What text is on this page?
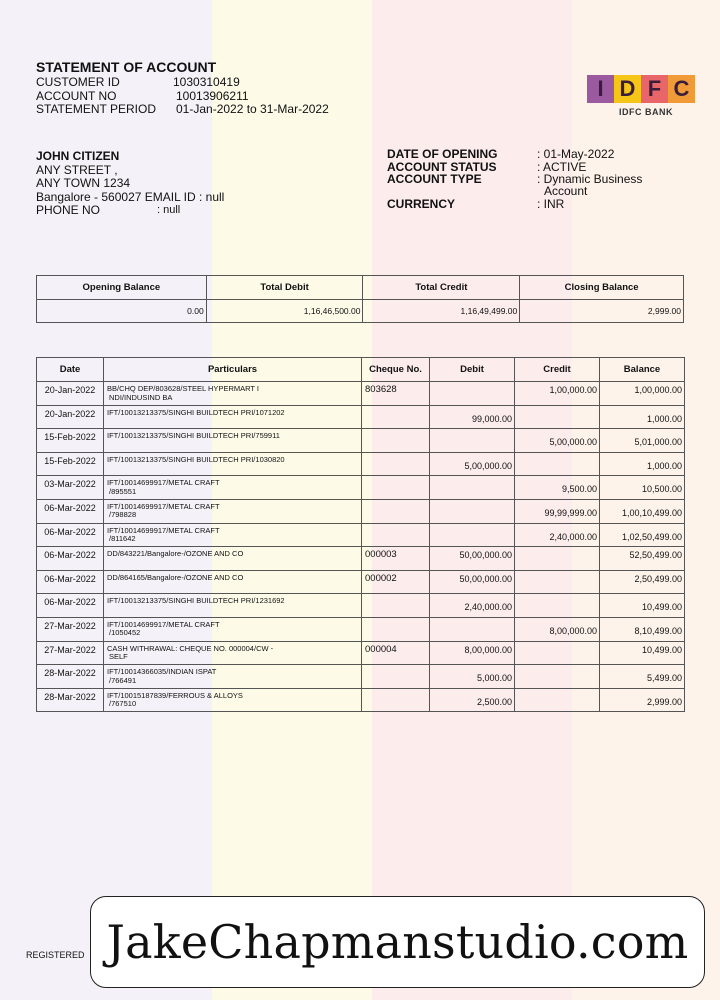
STATEMENT OF ACCOUNT
CUSTOMER ID	1030310419
ACCOUNT NO	10013906211
STATEMENT PERIOD 01-Jan-2022 to 31-Mar-2022
I D F C
IDFC BANK
JOHN CITIZEN
ANY STREET ,
ANY TOWN 1234
Bangalore - 560027 EMAIL ID : null
PHONE NO	: null
DATE OF OPENING	: 01-May-2022
ACCOUNT STATUS	: ACTIVE
ACCOUNT TYPE	: Dynamic Business
Account
CURRENCY	: INR
Opening Balance	Total Debit	Total Credit	Closing Balance
0.00	1,16,46,500.00	1,16,49,499.00	2,999.00
Date	Particulars	Cheque No.	Debit	Credit	Balance
20-Jan-2022	BB/CHQ DEP/803628/STEEL HYPERMART I
NDI/INDUSIND BA	803628		1,00,000.00	1,00,000.00
20-Jan-2022	IFT/10013213375/SINGHI BUILDTECH PRI/1071202		99,000.00		1,000.00
15-Feb-2022	IFT/10013213375/SINGHI BUILDTECH PRI/759911			5,00,000.00	5,01,000.00
15-Feb-2022	IFT/10013213375/SINGHI BUILDTECH PRI/1030820		5,00,000.00		1,000.00
03-Mar-2022	IFT/10014699917/METAL CRAFT
/895551			9,500.00	10,500.00
06-Mar-2022	IFT/10014699917/METAL CRAFT
/798828			99,99,999.00	1,00,10,499.00
06-Mar-2022	IFT/10014699917/METAL CRAFT
/811642			2,40,000.00	1,02,50,499.00
06-Mar-2022	DD/843221/Bangalore-/OZONE AND CO	000003	50,00,000.00		52,50,499.00
06-Mar-2022	DD/864165/Bangalore-/OZONE AND CO	000002	50,00,000.00		2,50,499.00
06-Mar-2022	IFT/10013213375/SINGHI BUILDTECH PRI/1231692		2,40,000.00		10,499.00
27-Mar-2022	IFT/10014699917/METAL CRAFT
/1050452			8,00,000.00	8,10,499.00
27-Mar-2022	CASH WITHRAWAL: CHEQUE NO. 000004/CW -
SELF	000004	8,00,000.00		10,499.00
28-Mar-2022	IFT/10014366035/INDIAN ISPAT
/766491		5,000.00		5,499.00
28-Mar-2022	IFT/10015187839/FERROUS & ALLOYS
/767510		2,500.00		2,999.00
REGISTERED JakeChapmanstudio.com
